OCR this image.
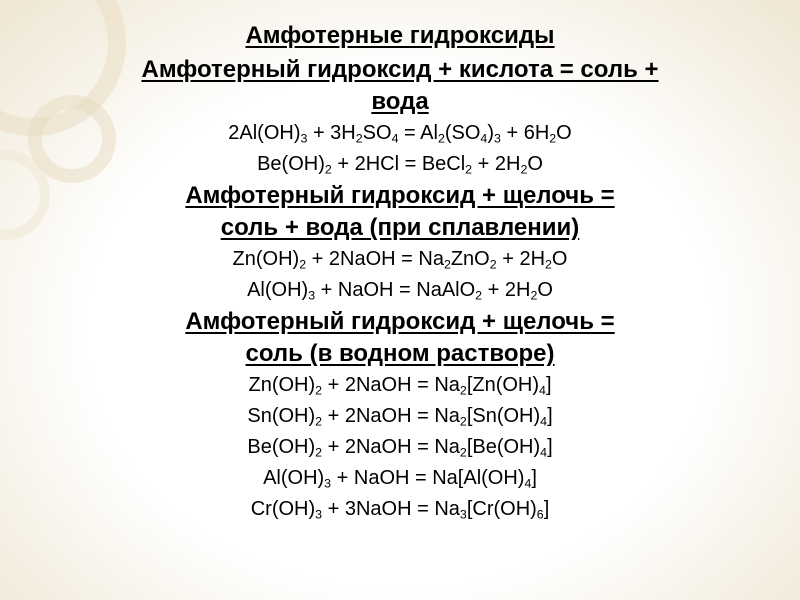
Амфотерные гидроксиды

Амфотерный гидроксид + кислота = соль +
вода

$2Al(OH)_3 + 3H_2SO_4 = Al_2(SO_4)_3 + 6H_2O$

$Be(OH)_2 + 2HCl$ = BeCl$_2$ + $2H_2O$

Амфотерный гидроксид + щелочь =
соль + вода (при сплавлении)

$Zn(OH)_2$ + 2NaOH = $Na_2ZnO_2 + 2H_2O$

$Al(OH)_3$ + NaOH = NaAlO$_2$ + $2H_2O$

Амфотерный гидроксид + щелочь =
соль (в водном растворе)

$Zn(OH)_2$ + 2NaOH = $Na_2[Zn(OH)_4]$

$Sn(OH)_2$ + 2NaOH = $Na_2[Sn(OH)_4]$

$Be(OH)_2$ + 2NaOH = $Na_2[Be(OH)_4]$

$Al(OH)_3$ + NaOH = $Na[Al(OH)_4]$

$Cr(OH)_3$ + 3NaOH = $Na_3[Cr(OH)_6]$
